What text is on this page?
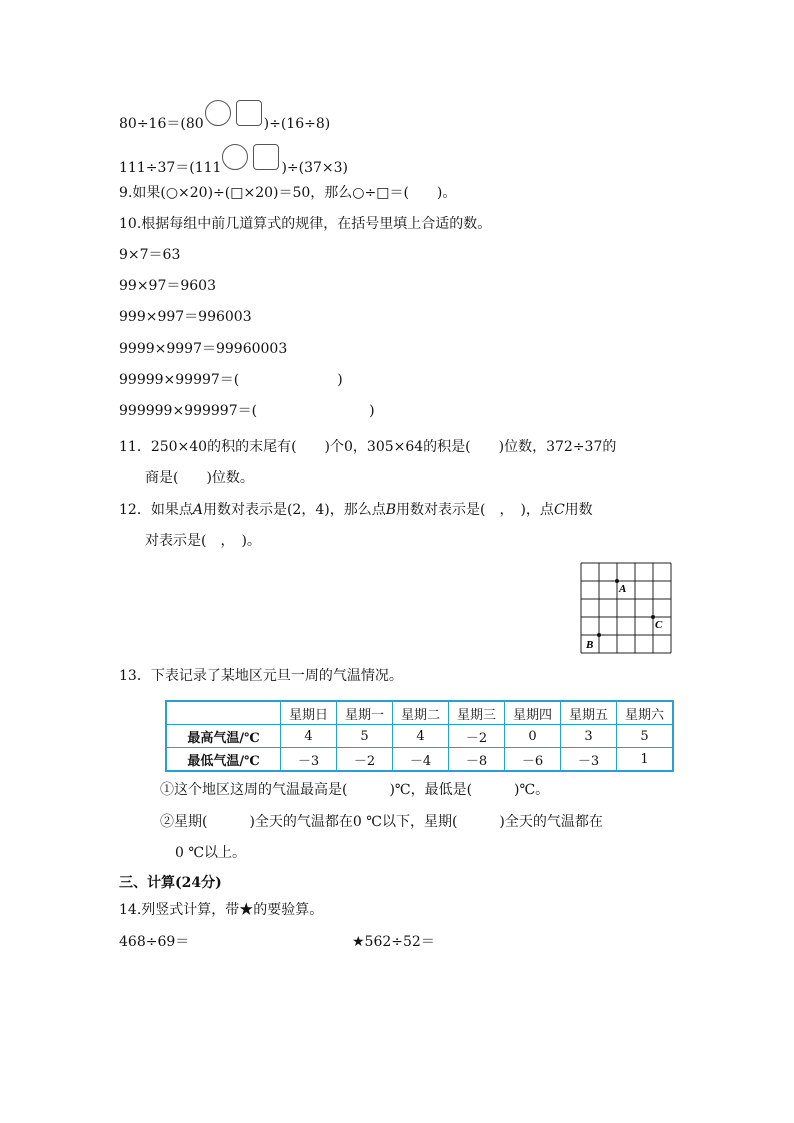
80÷16＝(80	)÷(16÷8)
111÷37＝(111	)÷(37×3)
9.如果(○×20)÷(□×20)＝50，那么○÷□＝(　　)。
10.根据每组中前几道算式的规律，在括号里填上合适的数。
9×7＝63
99×97＝9603
999×997＝996003
9999×9997＝99960003
99999×99997＝(　　　　　　　)
999999×999997＝(　　　　　　　　)
11．250×40的积的末尾有(　　)个0，305×64的积是(　　)位数，372÷37的
商是(　　)位数。
12．如果点A用数对表示是(2，4)，那么点B用数对表示是(　，　)，点C用数
对表示是(　，　)。
A
C
B
13．下表记录了某地区元旦一周的气温情况。
	星期日	星期一	星期二	星期三	星期四	星期五	星期六
最高气温/℃	4	5	4	－2	0	3	5
最低气温/℃	－3	－2	－4	－8	－6	－3	1
①这个地区这周的气温最高是(　　　)℃，最低是(　　　)℃。
②星期(　　　)全天的气温都在0 ℃以下，星期(　　　)全天的气温都在
0 ℃以上。
三、计算(24分)
14.列竖式计算，带★的要验算。
468÷69＝	★562÷52＝
